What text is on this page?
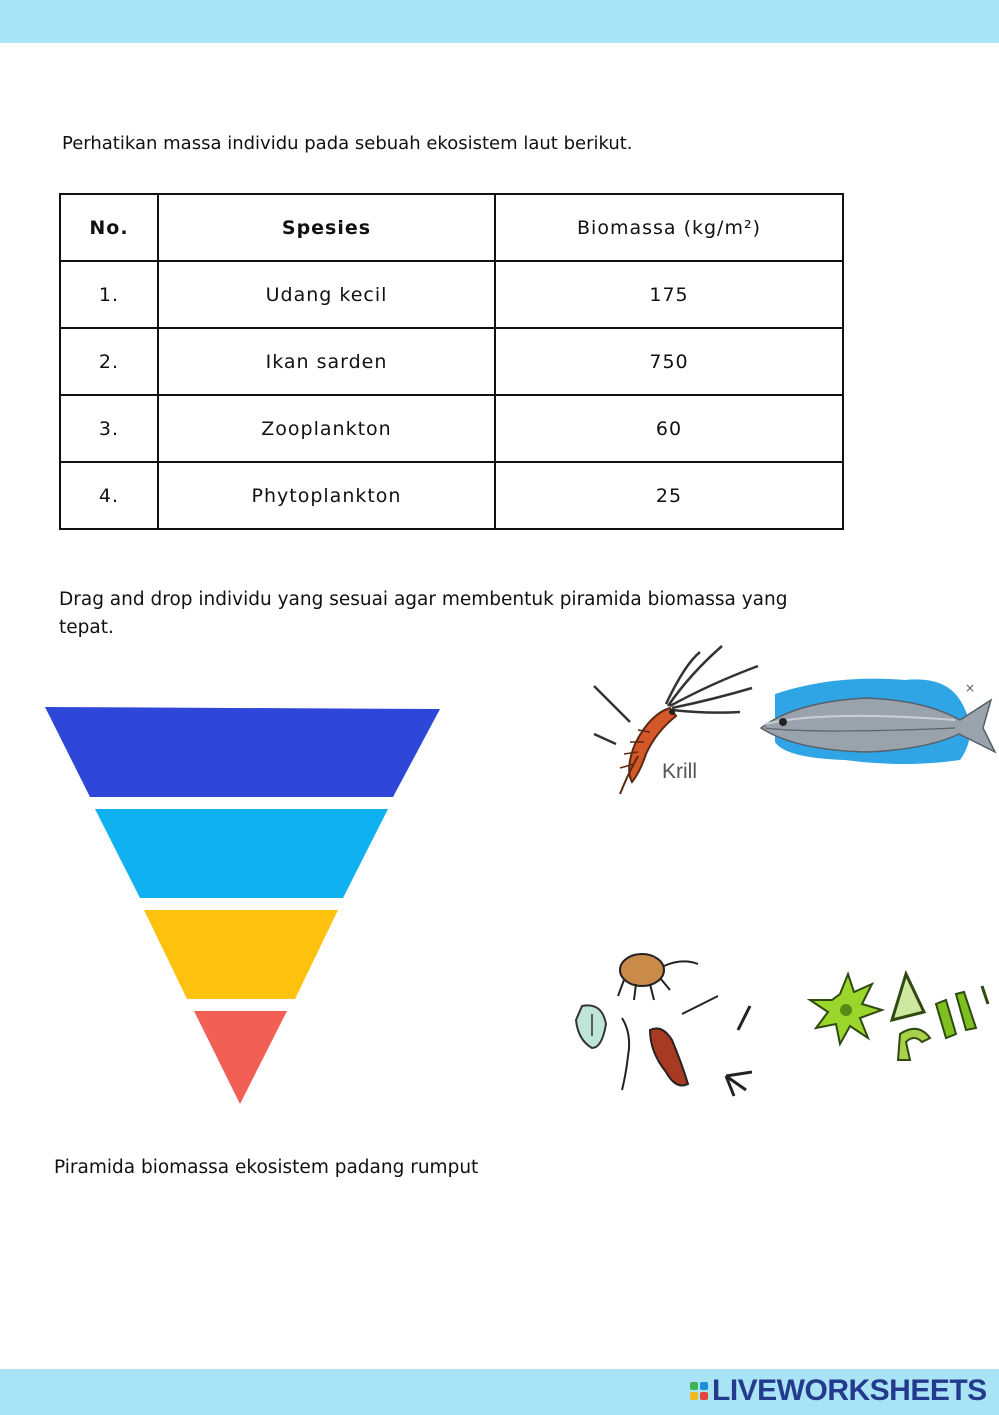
Perhatikan massa individu pada sebuah ekosistem laut berikut.
No.	Spesies	Biomassa (kg/m²)
1.	Udang kecil	175
2.	Ikan sarden	750
3.	Zooplankton	60
4.	Phytoplankton	25
Drag and drop individu yang sesuai agar membentuk piramida biomassa yang tepat.
Krill
×
Piramida biomassa ekosistem padang rumput
LIVEWORKSHEETS
